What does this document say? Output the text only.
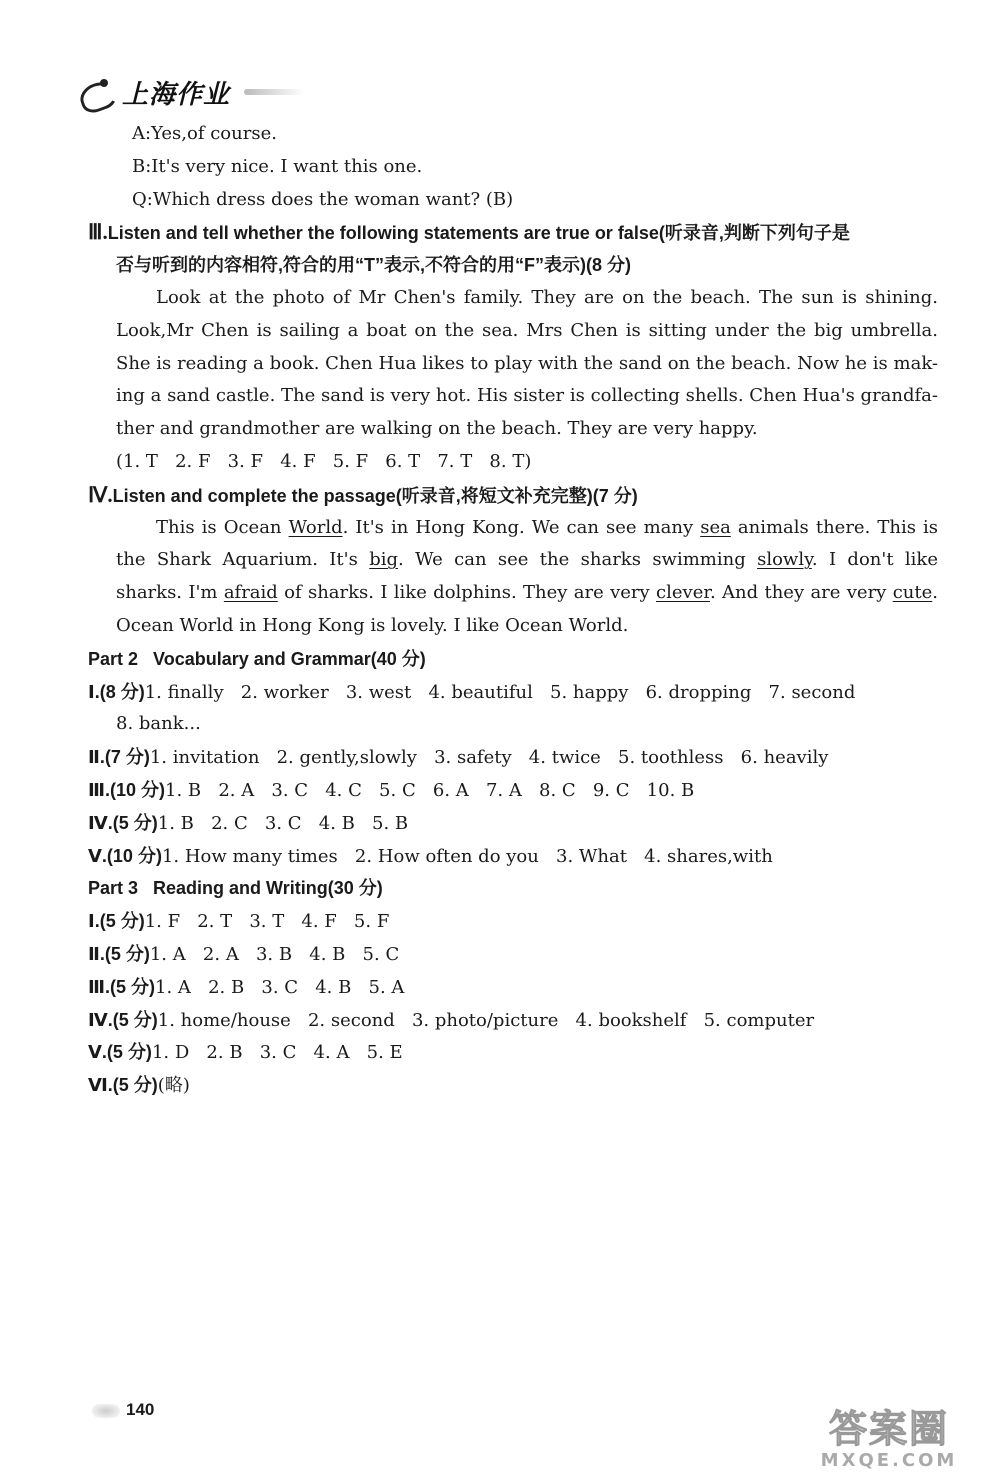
上海作业
A:Yes,of course.
B:It's very nice. I want this one.
Q:Which dress does the woman want? (B)
Ⅲ.Listen and tell whether the following statements are true or false(听录音,判断下列句子是
否与听到的内容相符,符合的用“T”表示,不符合的用“F”表示)(8 分)
Look at the photo of Mr Chen's family. They are on the beach. The sun is shining.
Look,Mr Chen is sailing a boat on the sea. Mrs Chen is sitting under the big umbrella.
She is reading a book. Chen Hua likes to play with the sand on the beach. Now he is mak-
ing a sand castle. The sand is very hot. His sister is collecting shells. Chen Hua's grandfa-
ther and grandmother are walking on the beach. They are very happy.
(1. T   2. F   3. F   4. F   5. F   6. T   7. T   8. T)
Ⅳ.Listen and complete the passage(听录音,将短文补充完整)(7 分)
This is Ocean World. It's in Hong Kong. We can see many sea animals there. This is
the Shark Aquarium. It's big. We can see the sharks swimming slowly. I don't like
sharks. I'm afraid of sharks. I like dolphins. They are very clever. And they are very cute.
Ocean World in Hong Kong is lovely. I like Ocean World.
Part 2   Vocabulary and Grammar(40 分)
Ⅰ.(8 分)1. finally   2. worker   3. west   4. beautiful   5. happy   6. dropping   7. second
8. bank...
Ⅱ.(7 分)1. invitation   2. gently,slowly   3. safety   4. twice   5. toothless   6. heavily
Ⅲ.(10 分)1. B   2. A   3. C   4. C   5. C   6. A   7. A   8. C   9. C   10. B
Ⅳ.(5 分)1. B   2. C   3. C   4. B   5. B
Ⅴ.(10 分)1. How many times   2. How often do you   3. What   4. shares,with
Part 3   Reading and Writing(30 分)
Ⅰ.(5 分)1. F   2. T   3. T   4. F   5. F
Ⅱ.(5 分)1. A   2. A   3. B   4. B   5. C
Ⅲ.(5 分)1. A   2. B   3. C   4. B   5. A
Ⅳ.(5 分)1. home/house   2. second   3. photo/picture   4. bookshelf   5. computer
Ⅴ.(5 分)1. D   2. B   3. C   4. A   5. E
Ⅵ.(5 分)(略)
140	答案圈
MXQE.COM
